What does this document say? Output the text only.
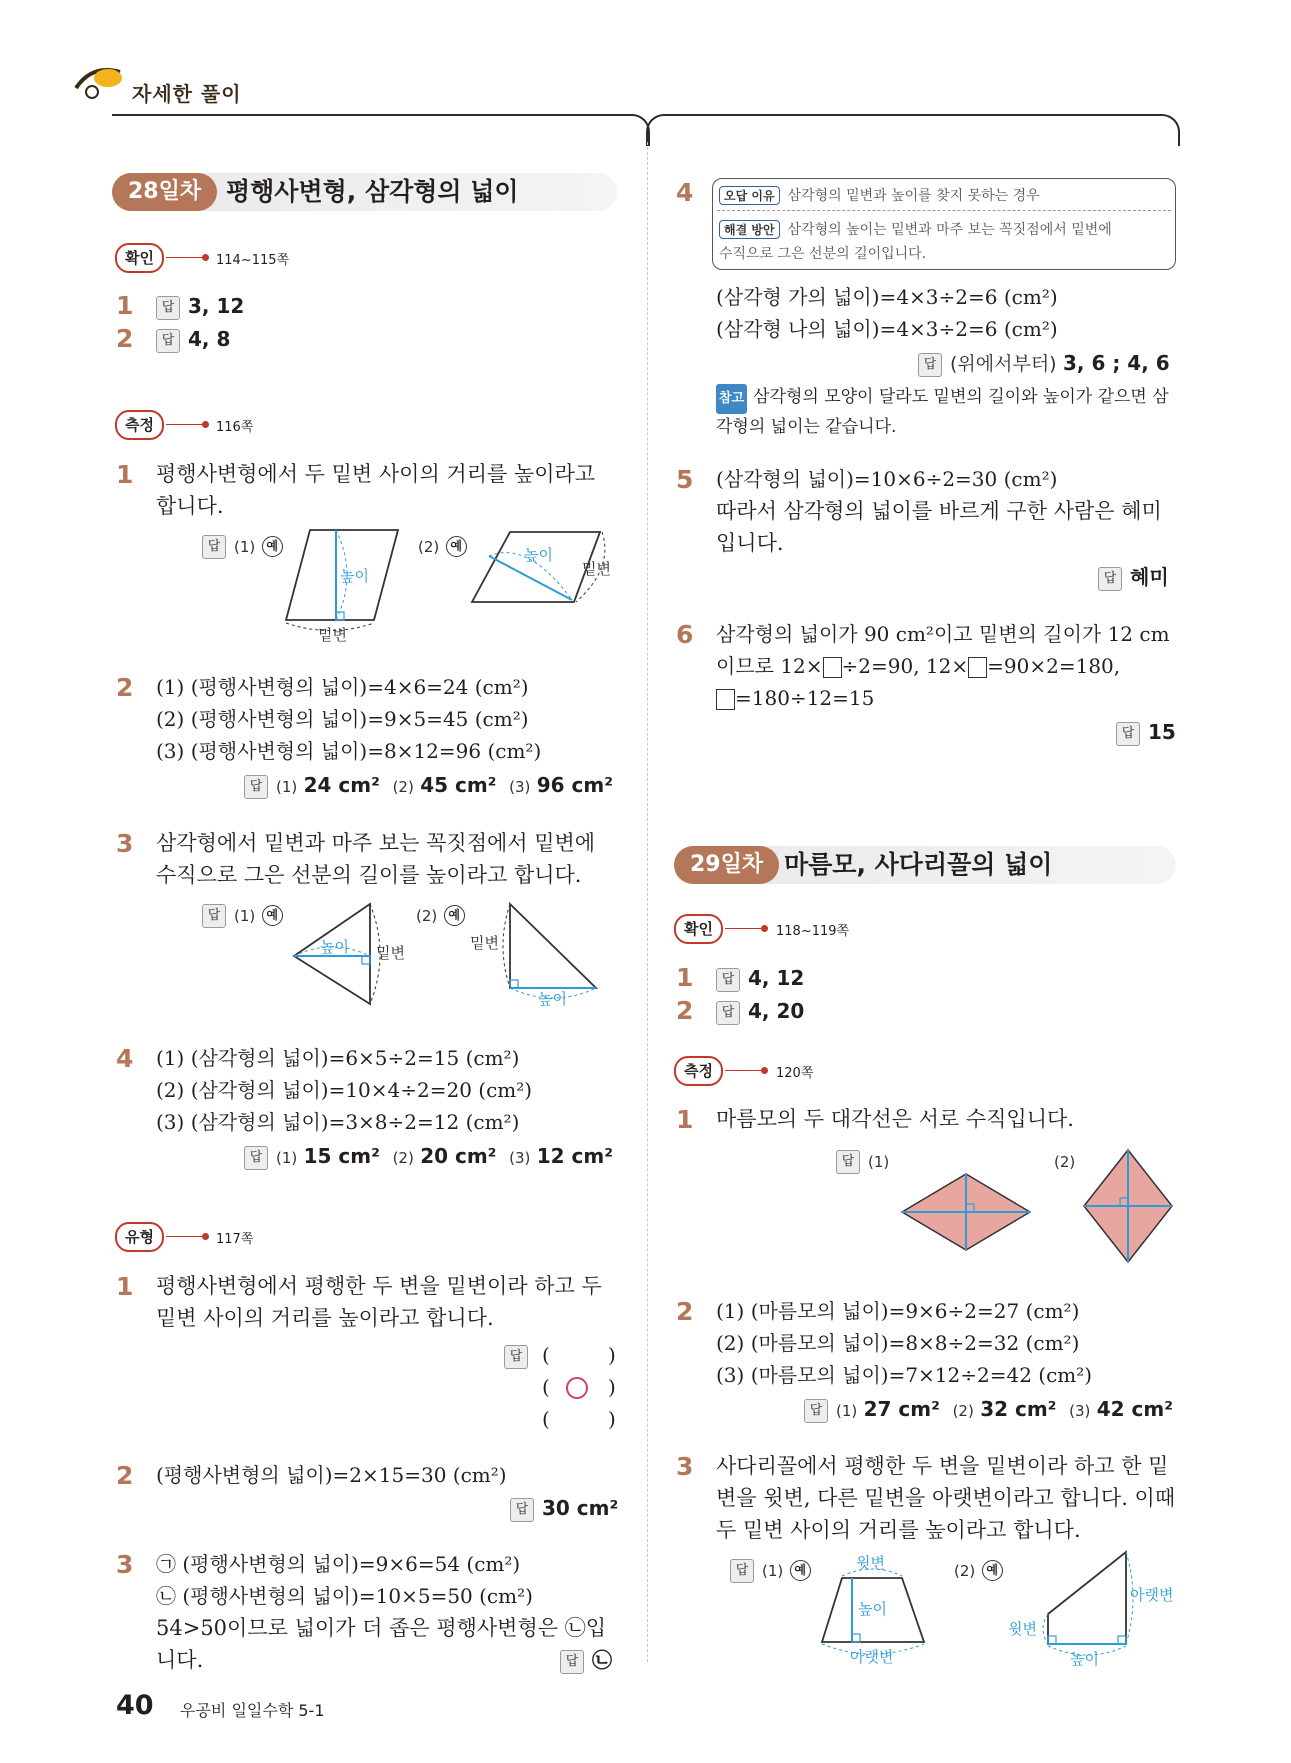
자세한 풀이
28일차 평행사변형, 삼각형의 넓이
확인	114~115쪽
1	답 3, 12
2	답 4, 8
측정	116쪽
1 평행사변형에서 두 밑변 사이의 거리를 높이라고
합니다.
답 (1) 예	(2) 예
높이
밑변
높이
밑변
2 (1) (평행사변형의 넓이)=4×6=24 (cm²)
(2) (평행사변형의 넓이)=9×5=45 (cm²)
(3) (평행사변형의 넓이)=8×12=96 (cm²)
답 (1) 24 cm² (2) 45 cm² (3) 96 cm²
3 삼각형에서 밑변과 마주 보는 꼭짓점에서 밑변에
수직으로 그은 선분의 길이를 높이라고 합니다.
답 (1) 예	(2) 예
높이 밑변
밑변
높이
4 (1) (삼각형의 넓이)=6×5÷2=15 (cm²)
(2) (삼각형의 넓이)=10×4÷2=20 (cm²)
(3) (삼각형의 넓이)=3×8÷2=12 (cm²)
답 (1) 15 cm² (2) 20 cm² (3) 12 cm²
유형	117쪽
1 평행사변형에서 평행한 두 변을 밑변이라 하고 두
밑변 사이의 거리를 높이라고 합니다.
답 (	)
( ○ )
(	)
2 (평행사변형의 넓이)=2×15=30 (cm²)
답 30 cm²
3 ㉠ (평행사변형의 넓이)=9×6=54 (cm²)
㉡ (평행사변형의 넓이)=10×5=50 (cm²)
54>50이므로 넓이가 더 좁은 평행사변형은 ㉡입
니다.	답 ㉡
4	오답 이유 삼각형의 밑변과 높이를 찾지 못하는 경우
해결 방안 삼각형의 높이는 밑변과 마주 보는 꼭짓점에서 밑변에
수직으로 그은 선분의 길이입니다.
(삼각형 가의 넓이)=4×3÷2=6 (cm²)
(삼각형 나의 넓이)=4×3÷2=6 (cm²)
답 (위에서부터) 3, 6 ; 4, 6
참고 삼각형의 모양이 달라도 밑변의 길이와 높이가 같으면 삼
각형의 넓이는 같습니다.
5 (삼각형의 넓이)=10×6÷2=30 (cm²)
따라서 삼각형의 넓이를 바르게 구한 사람은 혜미
입니다.
답 혜미
6 삼각형의 넓이가 90 cm²이고 밑변의 길이가 12 cm
이므로 12× ÷2=90, 12× =90×2=180,
=180÷12=15
답 15
29일차 마름모, 사다리꼴의 넓이
확인	118~119쪽
1	답 4, 12
2	답 4, 20
측정	120쪽
1 마름모의 두 대각선은 서로 수직입니다.
답 (1)	(2)
2 (1) (마름모의 넓이)=9×6÷2=27 (cm²)
(2) (마름모의 넓이)=8×8÷2=32 (cm²)
(3) (마름모의 넓이)=7×12÷2=42 (cm²)
답 (1) 27 cm² (2) 32 cm² (3) 42 cm²
3 사다리꼴에서 평행한 두 변을 밑변이라 하고 한 밑
변을 윗변, 다른 밑변을 아랫변이라고 합니다. 이때
두 밑변 사이의 거리를 높이라고 합니다.
답 (1) 예	(2) 예
윗변
높이
아랫변
아랫변
윗변
높이
40 우공비 일일수학 5-1
